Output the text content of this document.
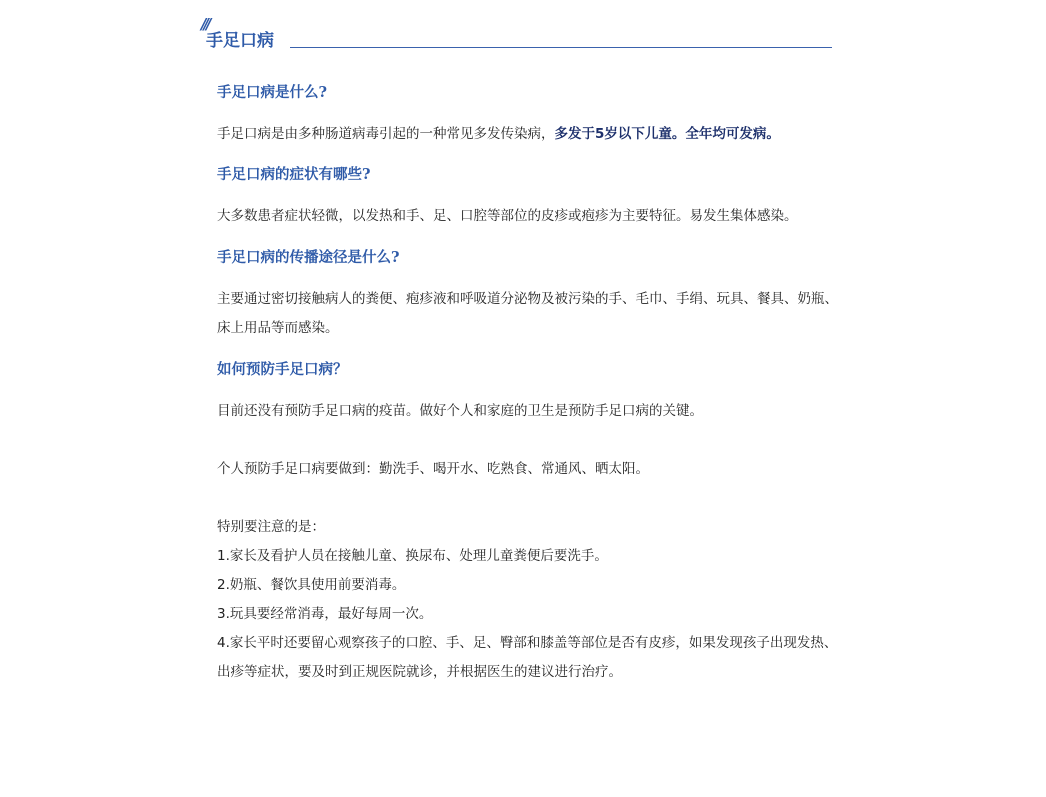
///
手足口病
手足口病是什么?

手足口病是由多种肠道病毒引起的一种常见多发传染病，多发于5岁以下儿童。全年均可发病。

手足口病的症状有哪些?

大多数患者症状轻微，以发热和手、足、口腔等部位的皮疹或疱疹为主要特征。易发生集体感染。

手足口病的传播途径是什么?

主要通过密切接触病人的粪便、疱疹液和呼吸道分泌物及被污染的手、毛巾、手绢、玩具、餐具、奶瓶、床上用品等而感染。

如何预防手足口病？

目前还没有预防手足口病的疫苗。做好个人和家庭的卫生是预防手足口病的关键。

个人预防手足口病要做到：勤洗手、喝开水、吃熟食、常通风、晒太阳。

特别要注意的是：

1.家长及看护人员在接触儿童、换尿布、处理儿童粪便后要洗手。

2.奶瓶、餐饮具使用前要消毒。

3.玩具要经常消毒，最好每周一次。

4.家长平时还要留心观察孩子的口腔、手、足、臀部和膝盖等部位是否有皮疹，如果发现孩子出现发热、出疹等症状，要及时到正规医院就诊，并根据医生的建议进行治疗。
